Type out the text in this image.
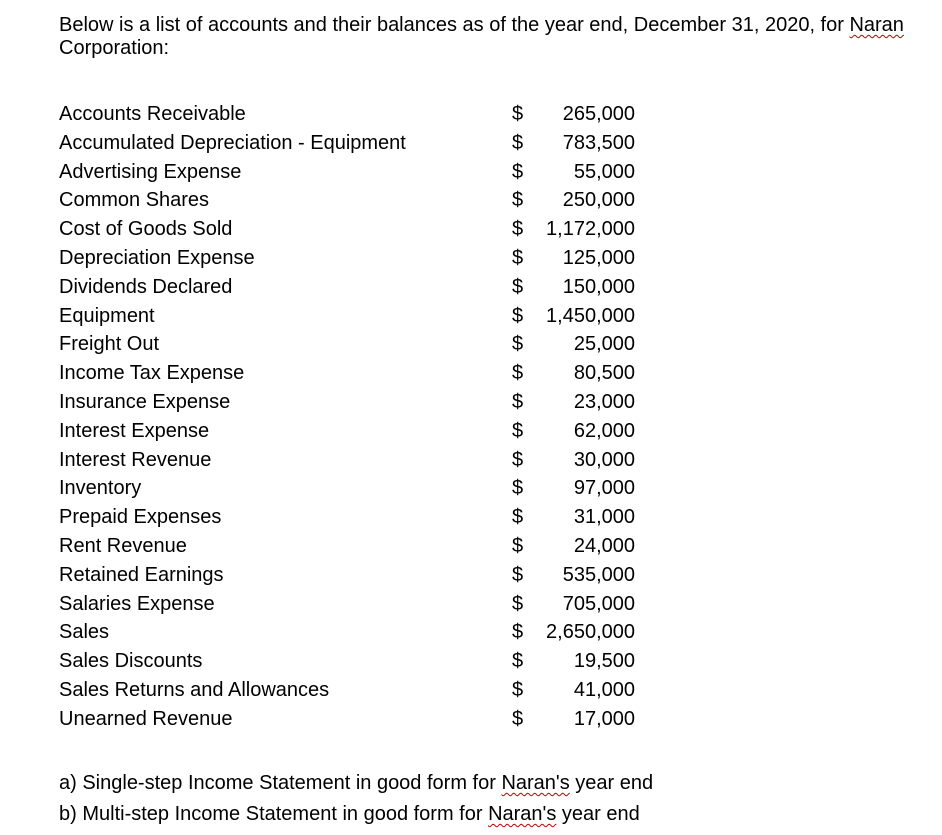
Below is a list of accounts and their balances as of the year end, December 31, 2020, for Naran Corporation:
Accounts Receivable	$ 265,000
Accumulated Depreciation - Equipment	$ 783,500
Advertising Expense	$	55,000
Common Shares	$ 250,000
Cost of Goods Sold	$ 1,172,000
Depreciation Expense	$ 125,000
Dividends Declared	$ 150,000
Equipment	$ 1,450,000
Freight Out	$	25,000
Income Tax Expense	$	80,500
Insurance Expense	$	23,000
Interest Expense	$	62,000
Interest Revenue	$	30,000
Inventory	$	97,000
Prepaid Expenses	$	31,000
Rent Revenue	$	24,000
Retained Earnings	$ 535,000
Salaries Expense	$ 705,000
Sales	$ 2,650,000
Sales Discounts	$	19,500
Sales Returns and Allowances	$	41,000
Unearned Revenue	$	17,000
a) Single-step Income Statement in good form for Naran's year end
b) Multi-step Income Statement in good form for Naran's year end
